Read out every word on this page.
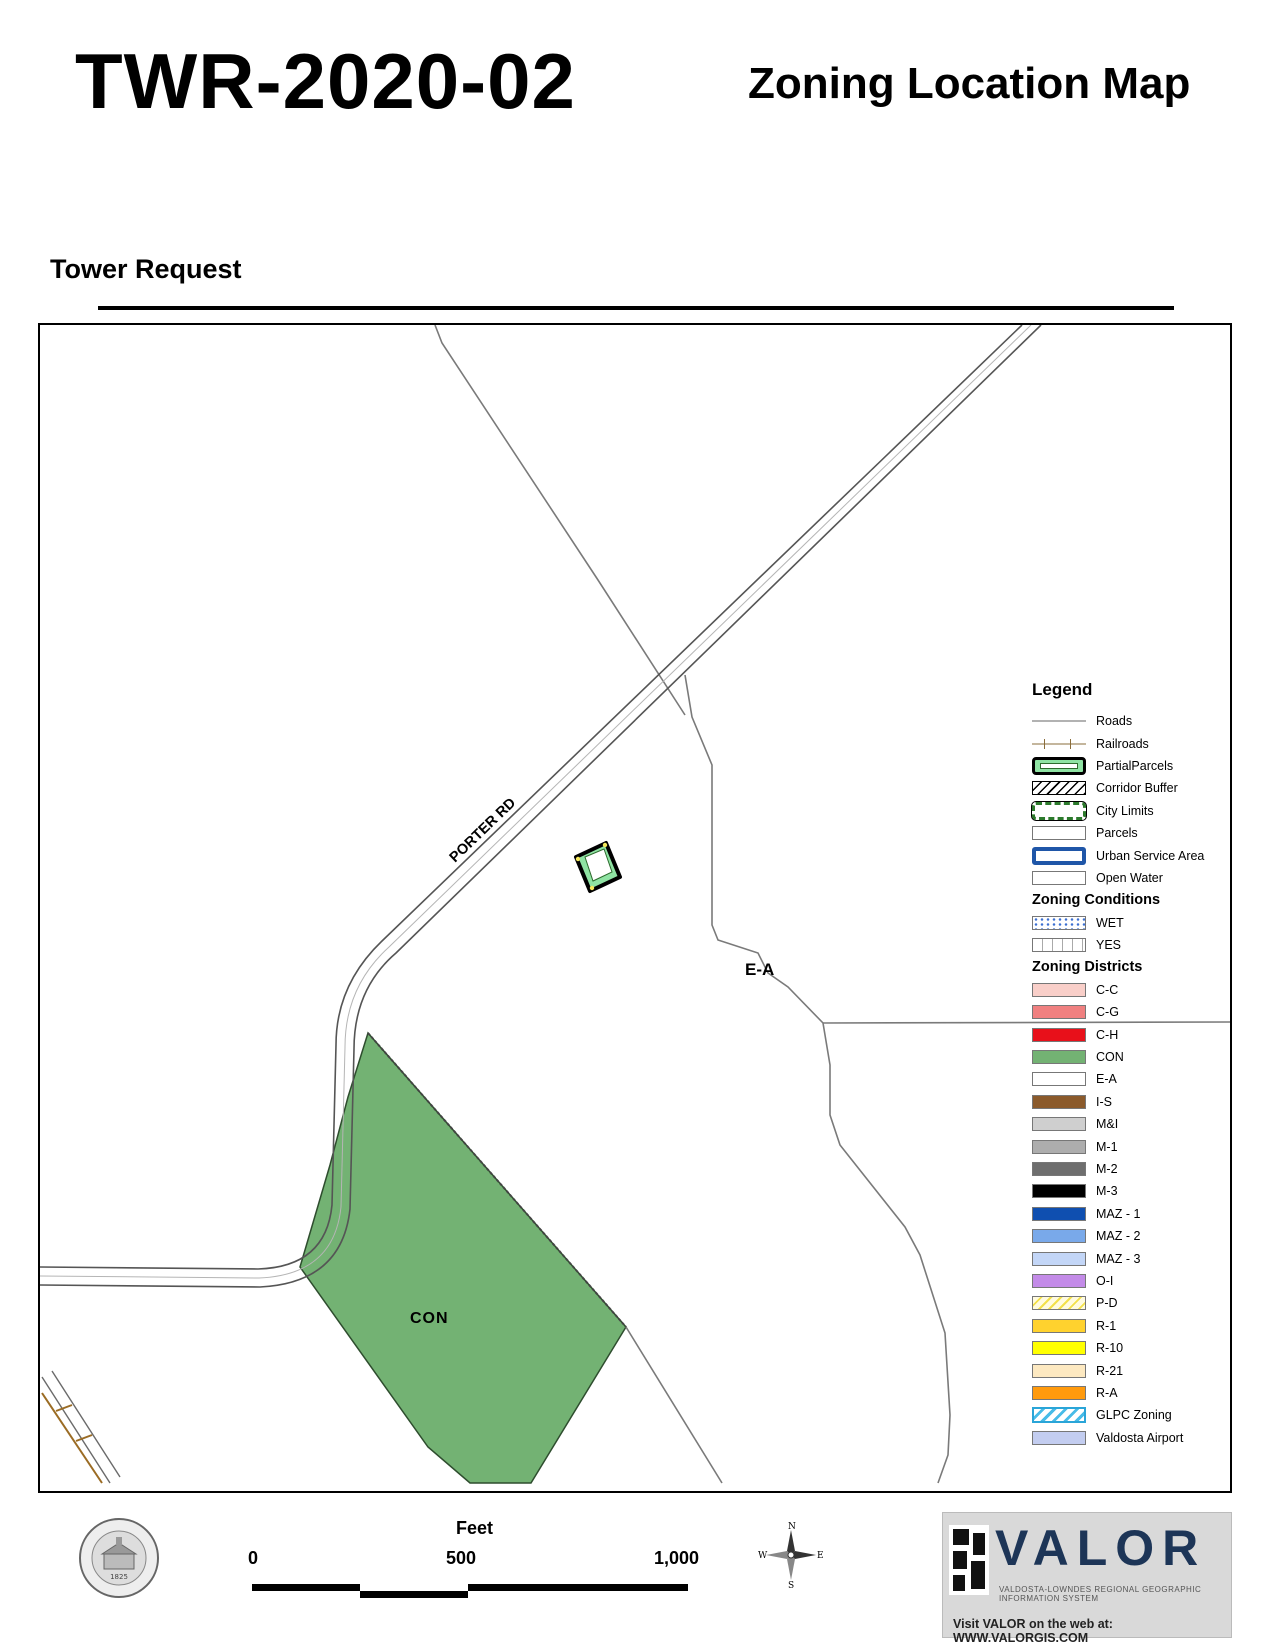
TWR-2020-02	Zoning Location Map
Tower Request
PORTER RD
E-A
CON
Legend
Roads
Railroads
PartialParcels
Corridor Buffer
City Limits
Parcels
Urban Service Area
Open Water
Zoning Conditions
WET
YES
Zoning Districts
C-C
C-G
C-H
CON
E-A
I-S
M&I
M-1
M-2
M-3
MAZ - 1
MAZ - 2
MAZ - 3
O-I
P-D
R-1
R-10
R-21
R-A
GLPC Zoning
Valdosta Airport
1825
Feet
0	500	1,000
N
S
W	E	VALOR
VALDOSTA-LOWNDES REGIONAL GEOGRAPHIC INFORMATION SYSTEM
Visit VALOR on the web at: WWW.VALORGIS.COM
